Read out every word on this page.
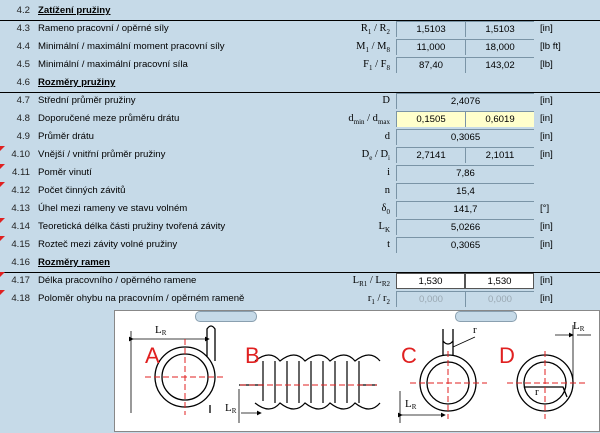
4.2 Zatížení pružiny
4.3 Rameno pracovní / opěrné síly	$R_1 / R_2$	1,5103	1,5103	[in]
4.4 Minimální / maximální moment pracovní síly	$M_1 / M_8$	11,000	18,000	[lb ft]
4.5 Minimální / maximální pracovní síla	$F_1 / F_8$	87,40	143,02	[lb]
4.6 Rozměry pružiny
4.7 Střední průměr pružiny	D	2,4076	[in]
4.8 Doporučené meze průměru drátu	$d_{min} / d_{max}$	0,1505	0,6019	[in]
4.9 Průměr drátu	d	0,3065	[in]
4.10 Vnější / vnitřní průměr pružiny	$D_e / D_i$	2,7141	2,1011	[in]
4.11 Poměr vinutí	i	7,86
4.12 Počet činných závitů	n	15,4
4.13 Úhel mezi rameny ve stavu volném	$\delta_0$	141,7	[°]
4.14 Teoretická délka části pružiny tvořená závity	$L_K$	5,0266	[in]
4.15 Rozteč mezi závity volné pružiny	t	0,3065	[in]
4.16 Rozměry ramen
4.17 Délka pracovního / opěrného ramene	$L_{R1} / L_{R2}$	1,530	1,530	[in]
4.18 Poloměr ohybu na pracovním / opěrném rameně	$r_1 / r_2$	0,000	0,000	[in]
A
LR
B
LR
C
LR
r
D
LR
r
